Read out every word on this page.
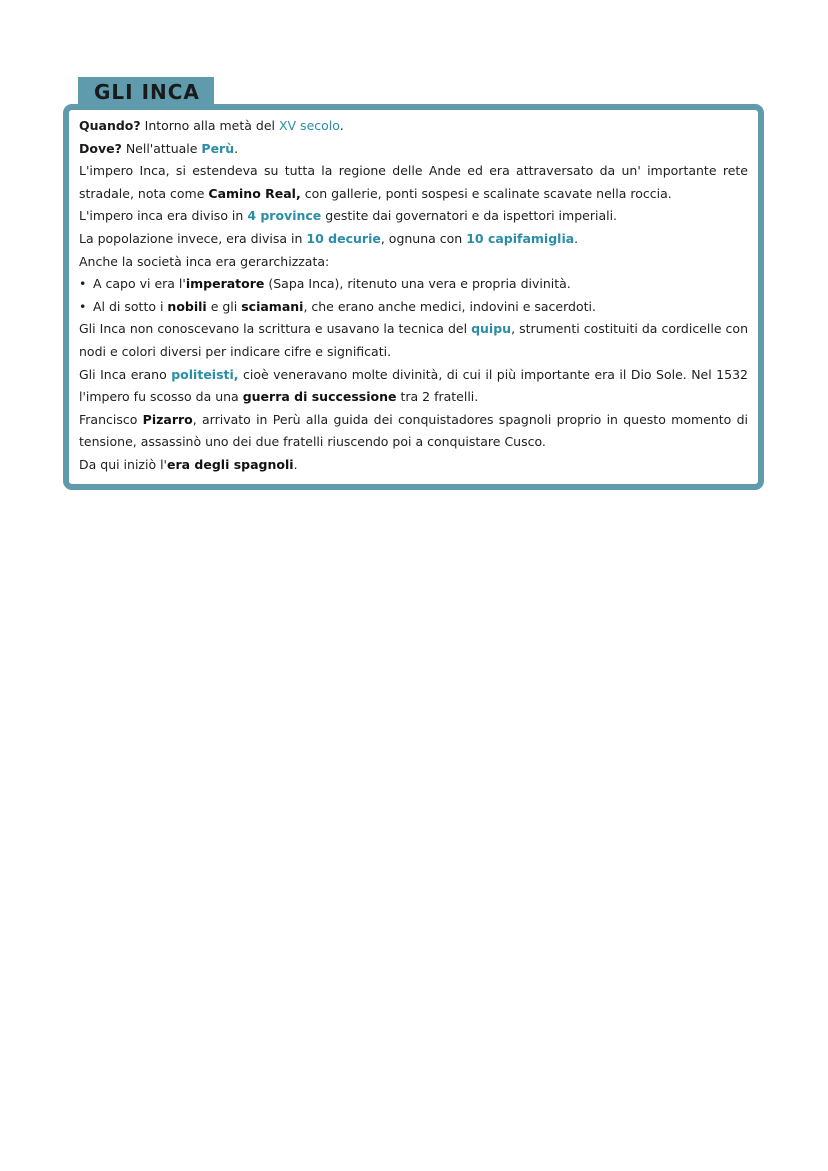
GLI INCA
Quando? Intorno alla metà del XV secolo.
Dove? Nell'attuale Perù.
L'impero Inca, si estendeva su tutta la regione delle Ande ed era attraversato da un' importante rete stradale, nota come Camino Real, con gallerie, ponti sospesi e scalinate scavate nella roccia.
L'impero inca era diviso in 4 province gestite dai governatori e da ispettori imperiali.
La popolazione invece, era divisa in 10 decurie, ognuna con 10 capifamiglia.
Anche la società inca era gerarchizzata:
• A capo vi era l'imperatore (Sapa Inca), ritenuto una vera e propria divinità.
• Al di sotto i nobili e gli sciamani, che erano anche medici, indovini e sacerdoti.
Gli Inca non conoscevano la scrittura e usavano la tecnica del quipu, strumenti costituiti da cordicelle con nodi e colori diversi per indicare cifre e significati.
Gli Inca erano politeisti, cioè veneravano molte divinità, di cui il più importante era il Dio Sole. Nel 1532 l'impero fu scosso da una guerra di successione tra 2 fratelli.
Francisco Pizarro, arrivato in Perù alla guida dei conquistadores spagnoli proprio in questo momento di tensione, assassinò uno dei due fratelli riuscendo poi a conquistare Cusco.
Da qui iniziò l'era degli spagnoli.
